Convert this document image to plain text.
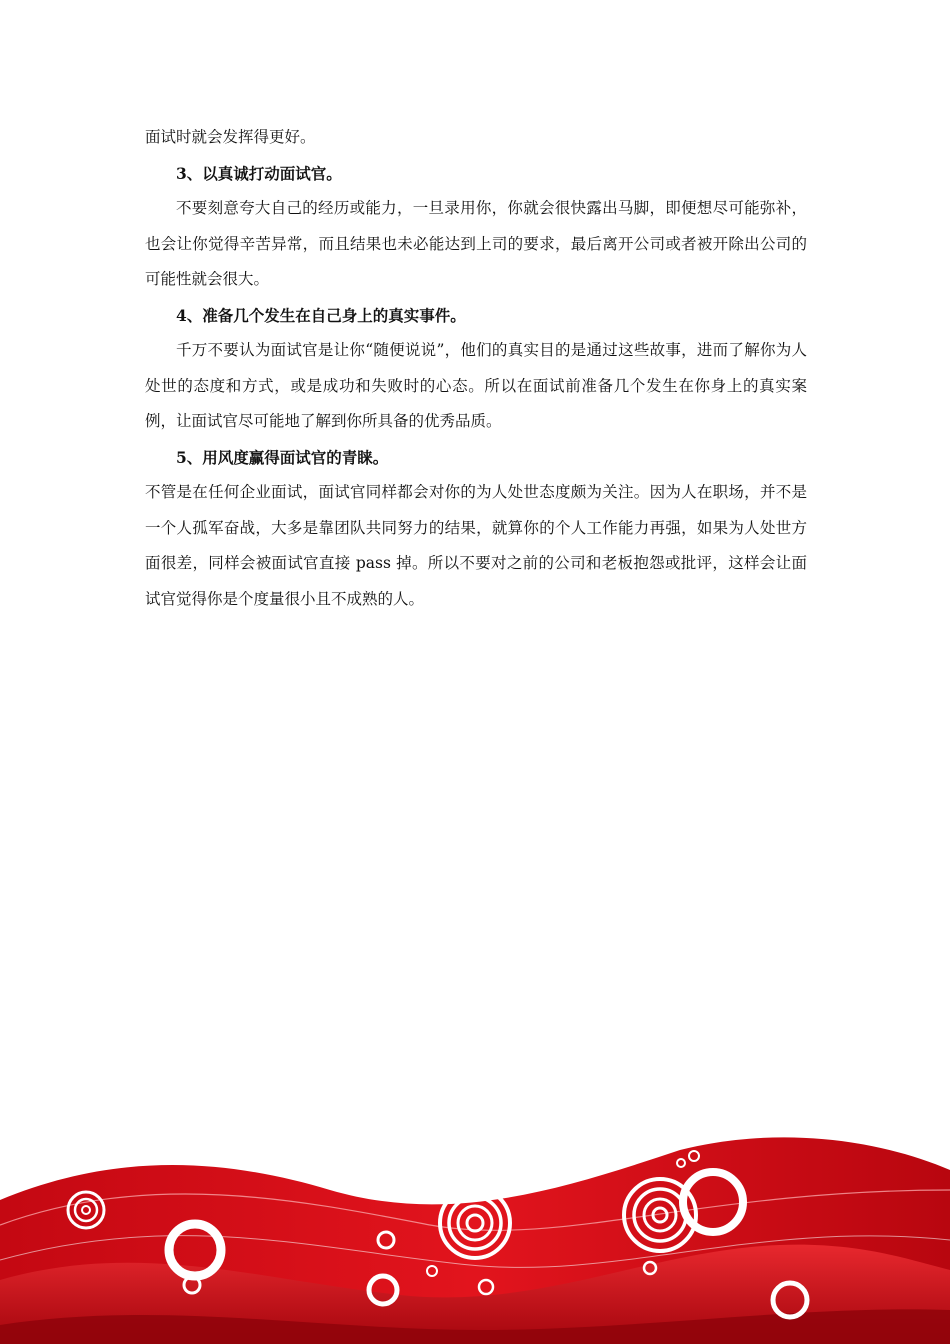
面试时就会发挥得更好。

3、以真诚打动面试官。

不要刻意夸大自己的经历或能力，一旦录用你，你就会很快露出马脚，即便想尽可能弥补，也会让你觉得辛苦异常，而且结果也未必能达到上司的要求，最后离开公司或者被开除出公司的可能性就会很大。

4、准备几个发生在自己身上的真实事件。

千万不要认为面试官是让你“随便说说”，他们的真实目的是通过这些故事，进而了解你为人处世的态度和方式，或是成功和失败时的心态。所以在面试前准备几个发生在你身上的真实案例，让面试官尽可能地了解到你所具备的优秀品质。

5、用风度赢得面试官的青睐。

不管是在任何企业面试，面试官同样都会对你的为人处世态度颇为关注。因为人在职场，并不是一个人孤军奋战，大多是靠团队共同努力的结果，就算你的个人工作能力再强，如果为人处世方面很差，同样会被面试官直接 pass 掉。所以不要对之前的公司和老板抱怨或批评，这样会让面试官觉得你是个度量很小且不成熟的人。
